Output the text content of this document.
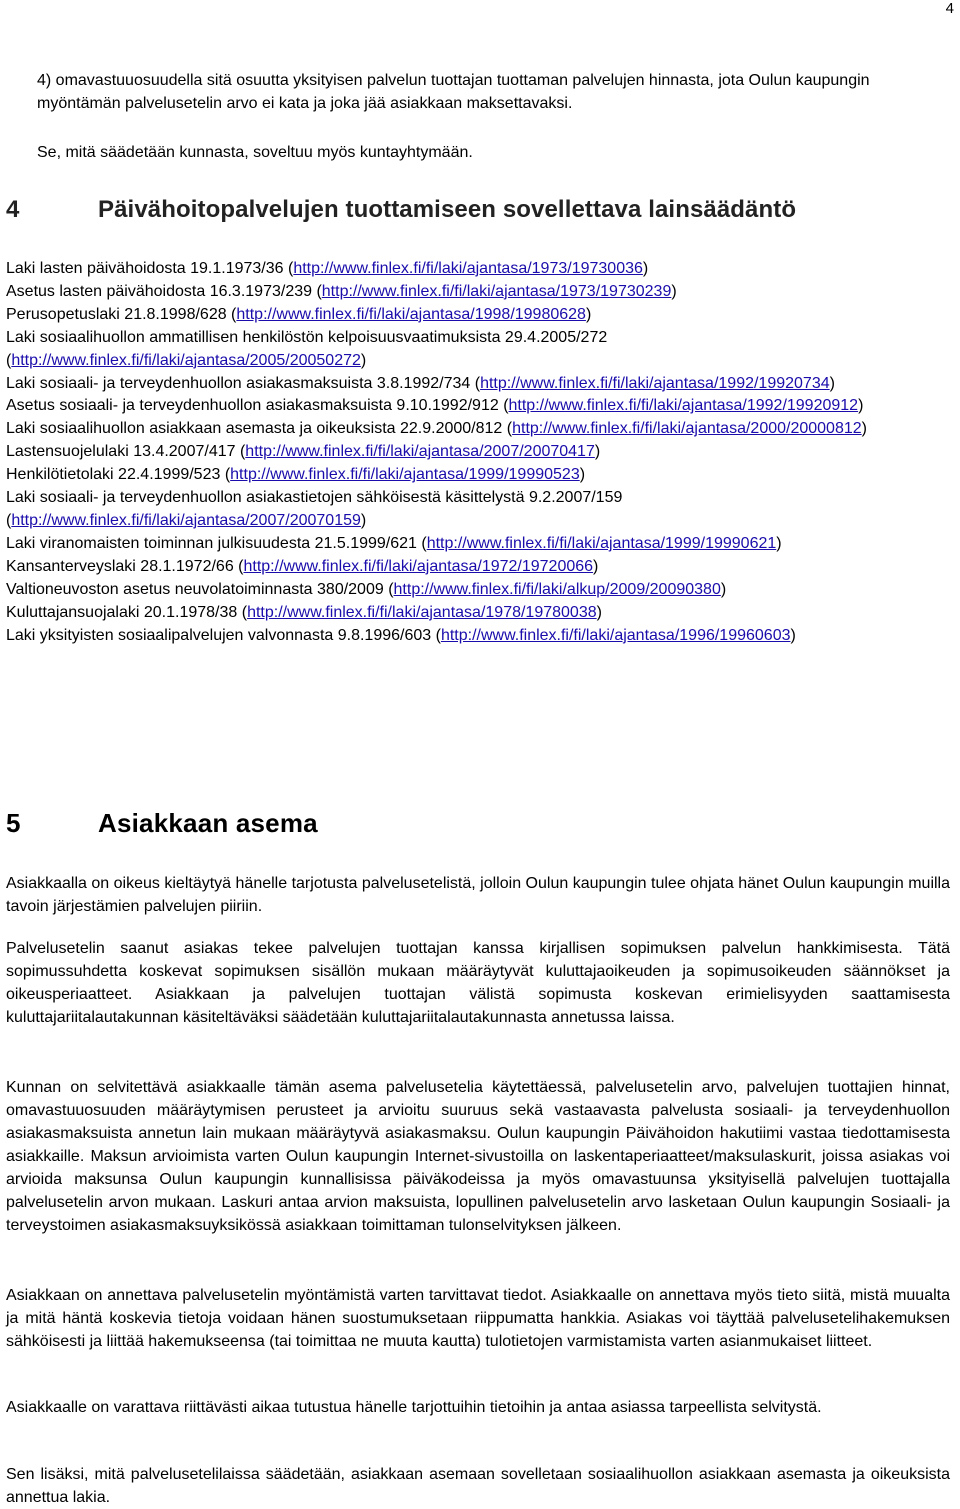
4
4) omavastuuosuudella sitä osuutta yksityisen palvelun tuottajan tuottaman palvelujen hinnasta, jota Oulun kaupungin myöntämän palvelusetelin arvo ei kata ja joka jää asiakkaan maksettavaksi.
Se, mitä säädetään kunnasta, soveltuu myös kuntayhtymään.
4	Päivähoitopalvelujen tuottamiseen sovellettava lainsäädäntö
Laki lasten päivähoidosta 19.1.1973/36 (http://www.finlex.fi/fi/laki/ajantasa/1973/19730036)
Asetus lasten päivähoidosta 16.3.1973/239 (http://www.finlex.fi/fi/laki/ajantasa/1973/19730239)
Perusopetuslaki 21.8.1998/628 (http://www.finlex.fi/fi/laki/ajantasa/1998/19980628)
Laki sosiaalihuollon ammatillisen henkilöstön kelpoisuusvaatimuksista 29.4.2005/272 (http://www.finlex.fi/fi/laki/ajantasa/2005/20050272)
Laki sosiaali- ja terveydenhuollon asiakasmaksuista 3.8.1992/734 (http://www.finlex.fi/fi/laki/ajantasa/1992/19920734)
Asetus sosiaali- ja terveydenhuollon asiakasmaksuista 9.10.1992/912 (http://www.finlex.fi/fi/laki/ajantasa/1992/19920912)
Laki sosiaalihuollon asiakkaan asemasta ja oikeuksista 22.9.2000/812 (http://www.finlex.fi/fi/laki/ajantasa/2000/20000812)
Lastensuojelulaki 13.4.2007/417 (http://www.finlex.fi/fi/laki/ajantasa/2007/20070417)
Henkilötietolaki 22.4.1999/523 (http://www.finlex.fi/fi/laki/ajantasa/1999/19990523)
Laki sosiaali- ja terveydenhuollon asiakastietojen sähköisestä käsittelystä 9.2.2007/159 (http://www.finlex.fi/fi/laki/ajantasa/2007/20070159)
Laki viranomaisten toiminnan julkisuudesta 21.5.1999/621 (http://www.finlex.fi/fi/laki/ajantasa/1999/19990621)
Kansanterveyslaki 28.1.1972/66 (http://www.finlex.fi/fi/laki/ajantasa/1972/19720066)
Valtioneuvoston asetus neuvolatoiminnasta 380/2009 (http://www.finlex.fi/fi/laki/alkup/2009/20090380)
Kuluttajansuojalaki 20.1.1978/38 (http://www.finlex.fi/fi/laki/ajantasa/1978/19780038)
Laki yksityisten sosiaalipalvelujen valvonnasta 9.8.1996/603 (http://www.finlex.fi/fi/laki/ajantasa/1996/19960603)
5	Asiakkaan asema
Asiakkaalla on oikeus kieltäytyä hänelle tarjotusta palvelusetelistä, jolloin Oulun kaupungin tulee ohjata hänet Oulun kaupungin muilla tavoin järjestämien palvelujen piiriin.
Palvelusetelin saanut asiakas tekee palvelujen tuottajan kanssa kirjallisen sopimuksen palvelun hankkimisesta. Tätä sopimussuhdetta koskevat sopimuksen sisällön mukaan määräytyvät kuluttajaoikeuden ja sopimusoikeuden säännökset ja oikeusperiaatteet. Asiakkaan ja palvelujen tuottajan välistä sopimusta koskevan erimielisyyden saattamisesta kuluttajariitalautakunnan käsiteltäväksi säädetään kuluttajariitalautakunnasta annetussa laissa.
Kunnan on selvitettävä asiakkaalle tämän asema palvelusetelia käytettäessä, palvelusetelin arvo, palvelujen tuottajien hinnat, omavastuuosuuden määräytymisen perusteet ja arvioitu suuruus sekä vastaavasta palvelusta sosiaali- ja terveydenhuollon asiakasmaksuista annetun lain mukaan määräytyvä asiakasmaksu. Oulun kaupungin Päivähoidon hakutiimi vastaa tiedottamisesta asiakkaille. Maksun arvioimista varten Oulun kaupungin Internet-sivustoilla on laskentaperiaatteet/maksulaskurit, joissa asiakas voi arvioida maksunsa Oulun kaupungin kunnallisissa päiväkodeissa ja myös omavastuunsa yksityisellä palvelujen tuottajalla palvelusetelin arvon mukaan. Laskuri antaa arvion maksuista, lopullinen palvelusetelin arvo lasketaan Oulun kaupungin Sosiaali- ja terveystoimen asiakasmaksuyksikössä asiakkaan toimittaman tulonselvityksen jälkeen.
Asiakkaan on annettava palvelusetelin myöntämistä varten tarvittavat tiedot. Asiakkaalle on annettava myös tieto siitä, mistä muualta ja mitä häntä koskevia tietoja voidaan hänen suostumuksetaan riippumatta hankkia. Asiakas voi täyttää palvelusetelihakemuksen sähköisesti ja liittää hakemukseensa (tai toimittaa ne muuta kautta) tulotietojen varmistamista varten asianmukaiset liitteet.
Asiakkaalle on varattava riittävästi aikaa tutustua hänelle tarjottuihin tietoihin ja antaa asiassa tarpeellista selvitystä.
Sen lisäksi, mitä palvelusetelilaissa säädetään, asiakkaan asemaan sovelletaan sosiaalihuollon asiakkaan asemasta ja oikeuksista annettua lakia.
